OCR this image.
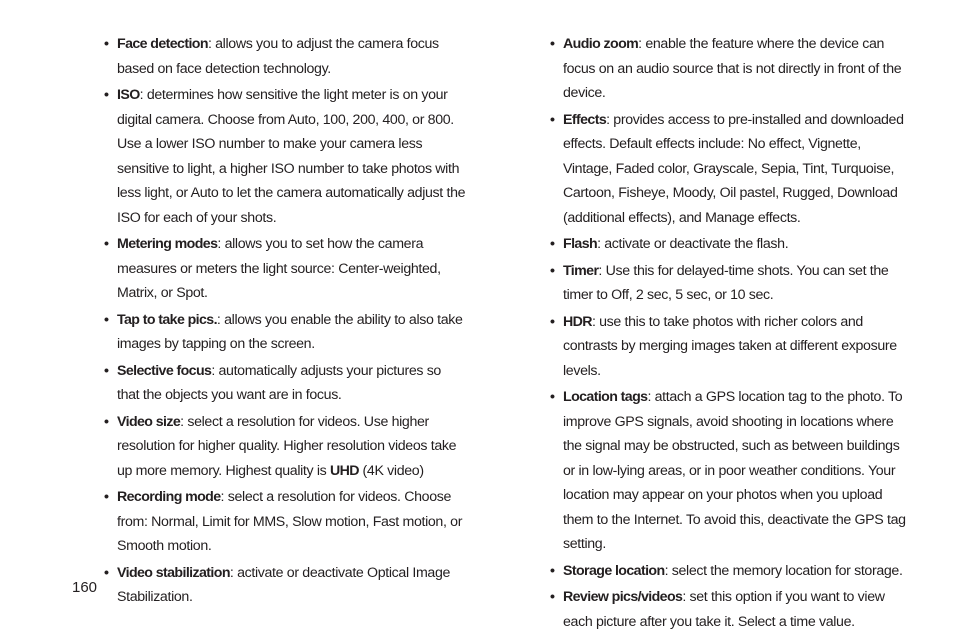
• Face detection: allows you to adjust the camera focus based on face detection technology.
• ISO: determines how sensitive the light meter is on your digital camera. Choose from Auto, 100, 200, 400, or 800. Use a lower ISO number to make your camera less sensitive to light, a higher ISO number to take photos with less light, or Auto to let the camera automatically adjust the ISO for each of your shots.
• Metering modes: allows you to set how the camera measures or meters the light source: Center-weighted, Matrix, or Spot.
• Tap to take pics.: allows you enable the ability to also take images by tapping on the screen.
• Selective focus: automatically adjusts your pictures so that the objects you want are in focus.
• Video size: select a resolution for videos. Use higher resolution for higher quality. Higher resolution videos take up more memory. Highest quality is UHD (4K video)
• Recording mode: select a resolution for videos. Choose from: Normal, Limit for MMS, Slow motion, Fast motion, or Smooth motion.
• Video stabilization: activate or deactivate Optical Image Stabilization.
• Audio zoom: enable the feature where the device can focus on an audio source that is not directly in front of the device.
• Effects: provides access to pre-installed and downloaded effects. Default effects include: No effect, Vignette, Vintage, Faded color, Grayscale, Sepia, Tint, Turquoise, Cartoon, Fisheye, Moody, Oil pastel, Rugged, Download (additional effects), and Manage effects.
• Flash: activate or deactivate the flash.
• Timer: Use this for delayed-time shots. You can set the timer to Off, 2 sec, 5 sec, or 10 sec.
• HDR: use this to take photos with richer colors and contrasts by merging images taken at different exposure levels.
• Location tags: attach a GPS location tag to the photo. To improve GPS signals, avoid shooting in locations where the signal may be obstructed, such as between buildings or in low-lying areas, or in poor weather conditions. Your location may appear on your photos when you upload them to the Internet. To avoid this, deactivate the GPS tag setting.
• Storage location: select the memory location for storage.
• Review pics/videos: set this option if you want to view each picture after you take it. Select a time value.
160
